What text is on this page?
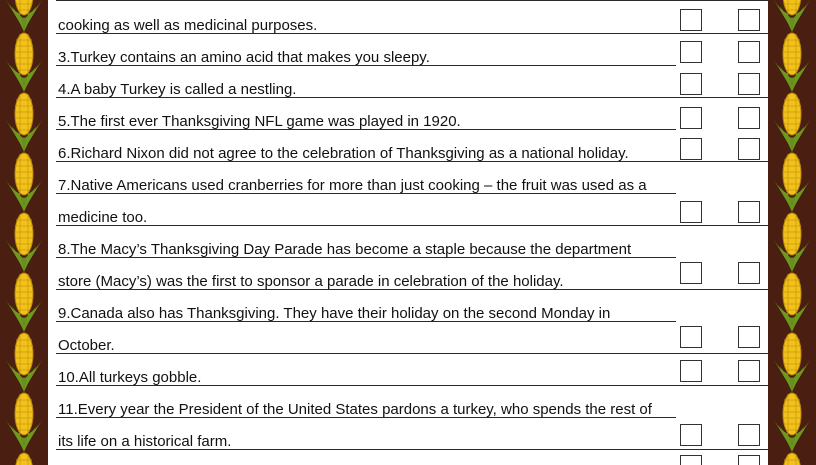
cooking as well as medicinal purposes.
3.Turkey contains an amino acid that makes you sleepy.
4.A baby Turkey is called a nestling.
5.The first ever Thanksgiving NFL game was played in 1920.
6.Richard Nixon did not agree to the celebration of Thanksgiving as a national holiday.
7.Native Americans used cranberries for more than just cooking – the fruit was used as a
medicine too.
8.The Macy’s Thanksgiving Day Parade has become a staple because the department
store (Macy’s) was the first to sponsor a parade in celebration of the holiday.
9.Canada also has Thanksgiving. They have their holiday on the second Monday in
October.
10.All turkeys gobble.
11.Every year the President of the United States pardons a turkey, who spends the rest of
its life on a historical farm.
